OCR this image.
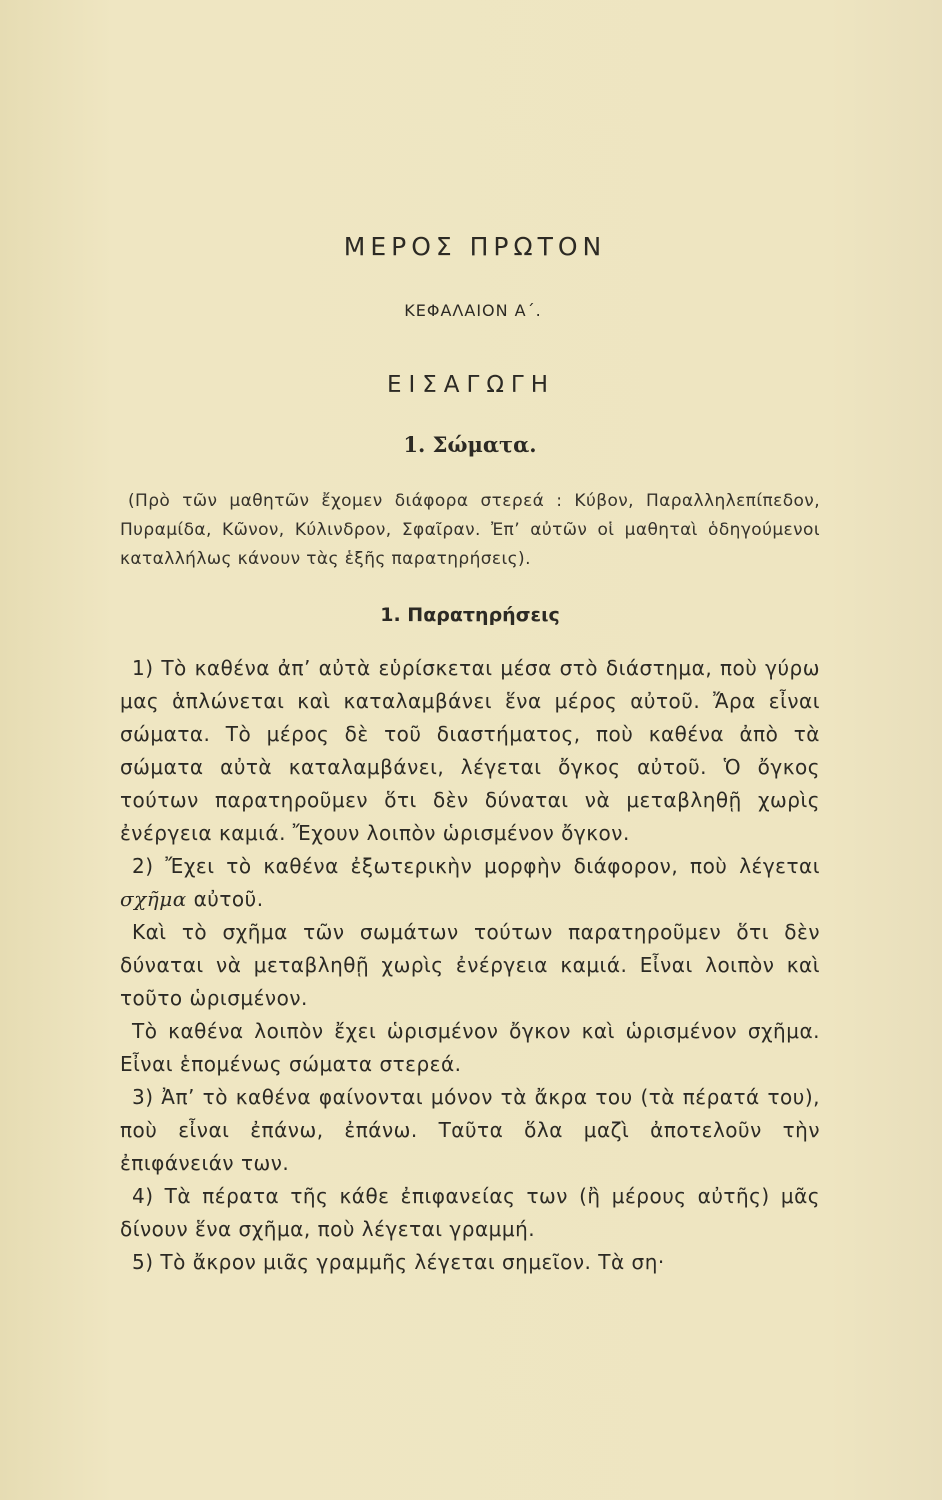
ΜΕΡΟΣ ΠΡΩΤΟΝ
ΚΕΦΑΛΑΙΟΝ Α΄.
ΕΙΣΑΓΩΓΗ
1. Σώματα.

(Πρὸ τῶν μαθητῶν ἔχομεν διάφορα στερεά : Κύβον, Παραλληλεπίπεδον, Πυραμίδα, Κῶνον, Κύλινδρον, Σφαῖραν. Ἐπ’ αὐτῶν οἱ μαθηταὶ ὁδηγούμενοι καταλλήλως κάνουν τὰς ἑξῆς παρατηρήσεις).

1. Παρατηρήσεις

1) Τὸ καθένα ἀπ’ αὐτὰ εὑρίσκεται μέσα στὸ διάστημα, ποὺ γύρω μας ἁπλώνεται καὶ καταλαμβάνει ἕνα μέρος αὐτοῦ. Ἄρα εἶναι σώματα. Τὸ μέρος δὲ τοῦ διαστήματος, ποὺ καθένα ἀπὸ τὰ σώματα αὐτὰ καταλαμβάνει, λέγεται ὄγκος αὐτοῦ. Ὁ ὄγκος τούτων παρατηροῦμεν ὅτι δὲν δύναται νὰ μεταβληθῇ χωρὶς ἐνέργεια καμιά. Ἔχουν λοιπὸν ὡρισμένον ὄγκον.

2) Ἔχει τὸ καθένα ἐξωτερικὴν μορφὴν διάφορον, ποὺ λέγεται σχῆμα αὐτοῦ.

Καὶ τὸ σχῆμα τῶν σωμάτων τούτων παρατηροῦμεν ὅτι δὲν δύναται νὰ μεταβληθῇ χωρὶς ἐνέργεια καμιά. Εἶναι λοιπὸν καὶ τοῦτο ὡρισμένον.

Τὸ καθένα λοιπὸν ἔχει ὡρισμένον ὄγκον καὶ ὡρισμένον σχῆμα. Εἶναι ἑπομένως σώματα στερεά.

3) Ἀπ’ τὸ καθένα φαίνονται μόνον τὰ ἄκρα του (τὰ πέρατά του), ποὺ εἶναι ἐπάνω, ἐπάνω. Ταῦτα ὅλα μαζὶ ἀποτελοῦν τὴν ἐπιφάνειάν των.

4) Τὰ πέρατα τῆς κάθε ἐπιφανείας των (ἢ μέρους αὐτῆς) μᾶς δίνουν ἕνα σχῆμα, ποὺ λέγεται γραμμή.

5) Τὸ ἄκρον μιᾶς γραμμῆς λέγεται σημεῖον. Τὰ ση·
